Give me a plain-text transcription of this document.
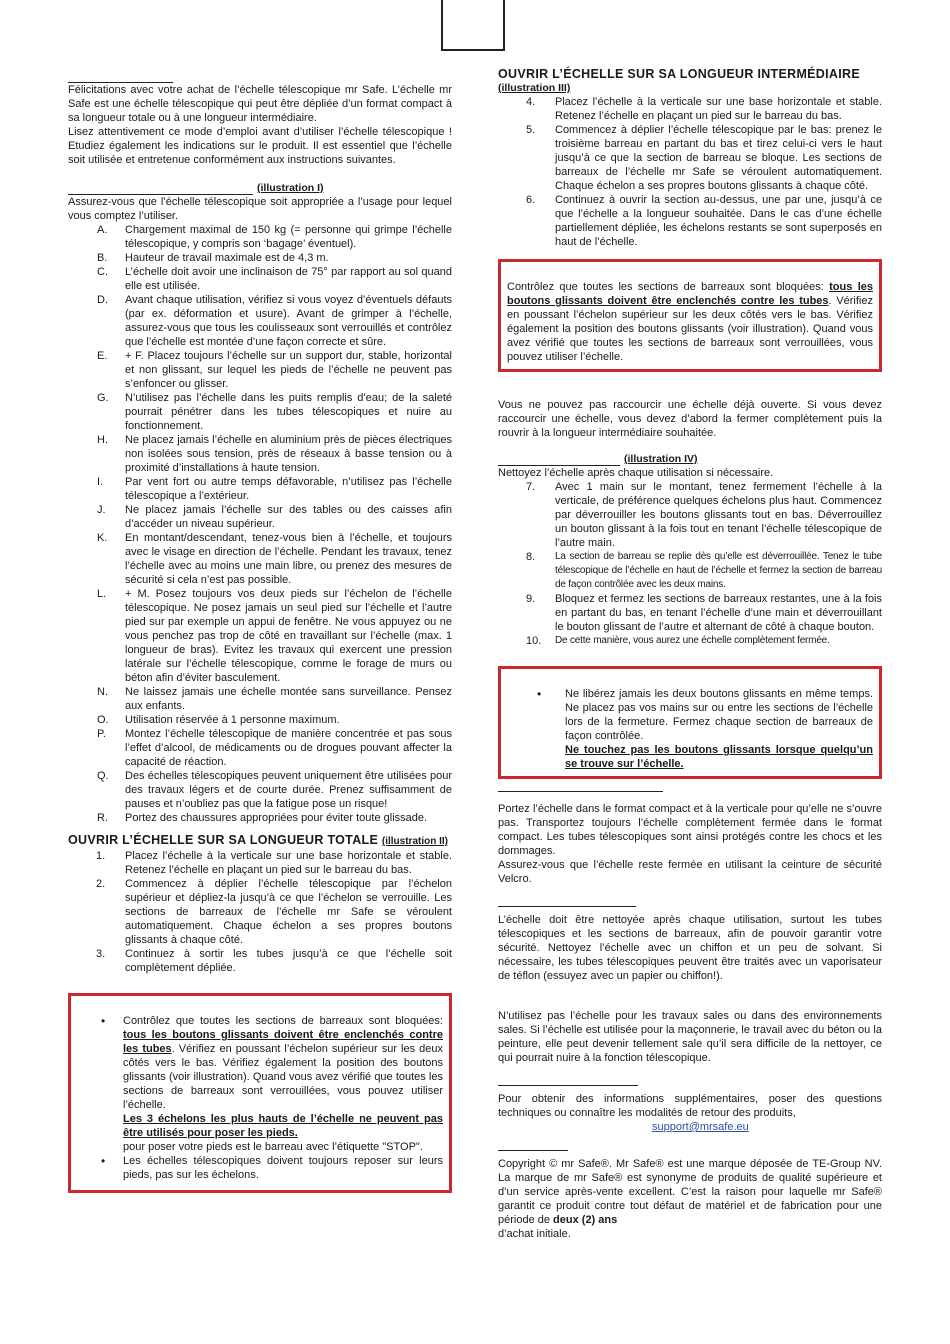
Félicitations avec votre achat de l’échelle télescopique mr Safe. L’échelle mr Safe est une échelle télescopique qui peut être dépliée d’un format compact à sa longueur totale ou à une longueur intermédiaire.

Lisez attentivement ce mode d’emploi avant d’utiliser l’échelle télescopique ! Etudiez également les indications sur le produit. Il est essentiel que l’échelle soit utilisée et entretenue conformément aux instructions suivantes.

(illustration I)

Assurez-vous que l’échelle télescopique soit appropriée a l’usage pour lequel vous comptez l’utiliser.

A.	Chargement maximal de 150 kg (= personne qui grimpe l’échelle télescopique, y compris son ‘bagage’ éventuel).
B.	Hauteur de travail maximale est de 4,3 m.
C.	L’échelle doit avoir une inclinaison de 75° par rapport au sol quand elle est utilisée.
D.	Avant chaque utilisation, vérifiez si vous voyez d’éventuels défauts (par ex. déformation et usure). Avant de grimper à l’échelle, assurez-vous que tous les coulisseaux sont verrouillés et contrôlez que l’échelle est montée d’une façon correcte et sûre.
E.	+ F. Placez toujours l’échelle sur un support dur, stable, horizontal et non glissant, sur lequel les pieds de l’échelle ne peuvent pas s’enfoncer ou glisser.
G.	N’utilisez pas l’échelle dans les puits remplis d’eau; de la saleté pourrait pénétrer dans les tubes télescopiques et nuire au fonctionnement.
H.	Ne placez jamais l’échelle en aluminium près de pièces électriques non isolées sous tension, près de réseaux à basse tension ou à proximité d’installations à haute tension.
I.	Par vent fort ou autre temps défavorable, n’utilisez pas l’échelle télescopique a l’extérieur.
J.	Ne placez jamais l’échelle sur des tables ou des caisses afin d’accéder un niveau supérieur.
K.	En montant/descendant, tenez-vous bien à l’échelle, et toujours avec le visage en direction de l’échelle. Pendant les travaux, tenez l’échelle avec au moins une main libre, ou prenez des mesures de sécurité si cela n’est pas possible.
L.	+ M. Posez toujours vos deux pieds sur l’échelon de l’échelle télescopique. Ne posez jamais un seul pied sur l’échelle et l’autre pied sur par exemple un appui de fenêtre. Ne vous appuyez ou ne vous penchez pas trop de côté en travaillant sur l’échelle (max. 1 longueur de bras). Evitez les travaux qui exercent une pression latérale sur l’échelle télescopique, comme le forage de murs ou béton afin d’éviter basculement.
N.	Ne laissez jamais une échelle montée sans surveillance. Pensez aux enfants.
O.	Utilisation réservée à 1 personne maximum.
P.	Montez l’échelle télescopique de manière concentrée et pas sous l’effet d’alcool, de médicaments ou de drogues pouvant affecter la capacité de réaction.
Q.	Des échelles télescopiques peuvent uniquement être utilisées pour des travaux légers et de courte durée. Prenez suffisamment de pauses et n’oubliez pas que la fatigue pose un risque!
R.	Portez des chaussures appropriées pour éviter toute glissade.
OUVRIR L’ÉCHELLE SUR SA LONGUEUR TOTALE (illustration II)
1.	Placez l’échelle à la verticale sur une base horizontale et stable. Retenez l’échelle en plaçant un pied sur le barreau du bas.
2.	Commencez à déplier l’échelle télescopique par l’échelon supérieur et dépliez-la jusqu’à ce que l’échelon se verrouille. Les sections de barreaux de l’échelle mr Safe se véroulent automatiquement. Chaque échelon a ses propres boutons glissants à chaque côté.
3.	Continuez à sortir les tubes jusqu’à ce que l’échelle soit complètement dépliée.
•	Contrôlez que toutes les sections de barreaux sont bloquées: tous les boutons glissants doivent être enclenchés contre les tubes. Vérifiez en poussant l’échelon supérieur sur les deux côtés vers le bas. Vérifiez également la position des boutons glissants (voir illustration). Quand vous avez vérifié que toutes les sections de barreaux sont verrouillées, vous pouvez utiliser l’échelle.
Les 3 échelons les plus hauts de l’échelle ne peuvent pas être utilisés pour poser les pieds.
pour poser votre pieds est le barreau avec l’étiquette "STOP".
•	Les échelles télescopiques doivent toujours reposer sur leurs pieds, pas sur les échelons.
OUVRIR L’ÉCHELLE SUR SA LONGUEUR INTERMÉDIAIRE
(illustration III)
4.	Placez l’échelle à la verticale sur une base horizontale et stable. Retenez l’échelle en plaçant un pied sur le barreau du bas.
5.	Commencez à déplier l’échelle télescopique par le bas: prenez le troisième barreau en partant du bas et tirez celui-ci vers le haut jusqu’à ce que la section de barreau se bloque. Les sections de barreaux de l’échelle mr Safe se véroulent automatiquement. Chaque échelon a ses propres boutons glissants à chaque côté.
6.	Continuez à ouvrir la section au-dessus, une par une, jusqu’à ce que l’échelle a la longueur souhaitée. Dans le cas d’une échelle partiellement dépliée, les échelons restants se sont superposés en haut de l’échelle.

Contrôlez que toutes les sections de barreaux sont bloquées: tous les boutons glissants doivent être enclenchés contre les tubes. Vérifiez en poussant l’échelon supérieur sur les deux côtés vers le bas. Vérifiez également la position des boutons glissants (voir illustration). Quand vous avez vérifié que toutes les sections de barreaux sont verrouillées, vous pouvez utiliser l’échelle.

Vous ne pouvez pas raccourcir une échelle déjà ouverte. Si vous devez raccourcir une échelle, vous devez d’abord la fermer complètement puis la rouvrir à la longueur intermédiaire souhaitée.

(illustration IV)

Nettoyez l’échelle après chaque utilisation si nécessaire.

7.	Avec 1 main sur le montant, tenez fermement l’échelle à la verticale, de préférence quelques échelons plus haut. Commencez par déverrouiller les boutons glissants tout en bas. Déverrouillez un bouton glissant à la fois tout en tenant l’échelle télescopique de l’autre main.
8.	La section de barreau se replie dès qu’elle est déverrouillée. Tenez le tube télescopique de l’échelle en haut de l’échelle et fermez la section de barreau de façon contrôlée avec les deux mains.
9.	Bloquez et fermez les sections de barreaux restantes, une à la fois en partant du bas, en tenant l’échelle d’une main et déverrouillant le bouton glissant de l’autre et alternant de côté à chaque bouton.
10.	De cette manière, vous aurez une échelle complètement fermée.
•	Ne libérez jamais les deux boutons glissants en même temps. Ne placez pas vos mains sur ou entre les sections de l’échelle lors de la fermeture. Fermez chaque section de barreaux de façon contrôlée.
Ne touchez pas les boutons glissants lorsque quelqu’un se trouve sur l’échelle.

Portez l’échelle dans le format compact et à la verticale pour qu’elle ne s’ouvre pas. Transportez toujours l’échelle complètement fermée dans le format compact. Les tubes télescopiques sont ainsi protégés contre les chocs et les dommages.

Assurez-vous que l’échelle reste fermée en utilisant la ceinture de sécurité Velcro.

L’échelle doit être nettoyée après chaque utilisation, surtout les tubes télescopiques et les sections de barreaux, afin de pouvoir garantir votre sécurité. Nettoyez l’échelle avec un chiffon et un peu de solvant. Si nécessaire, les tubes télescopiques peuvent être traités avec un vaporisateur de téflon (essuyez avec un papier ou chiffon!).

N’utilisez pas l’échelle pour les travaux sales ou dans des environnements sales. Si l’échelle est utilisée pour la maçonnerie, le travail avec du béton ou la peinture, elle peut devenir tellement sale qu’il sera difficile de la nettoyer, ce qui pourrait nuire à la fonction télescopique.

Pour obtenir des informations supplémentaires, poser des questions techniques ou connaître les modalités de retour des produits,

support@mrsafe.eu

Copyright © mr Safe®. Mr Safe® est une marque déposée de TE-Group NV. La marque de mr Safe® est synonyme de produits de qualité supérieure et d’un service après-vente excellent. C’est la raison pour laquelle mr Safe® garantit ce produit contre tout défaut de matériel et de fabrication pour une période de deux (2) ans
d’achat initiale.
